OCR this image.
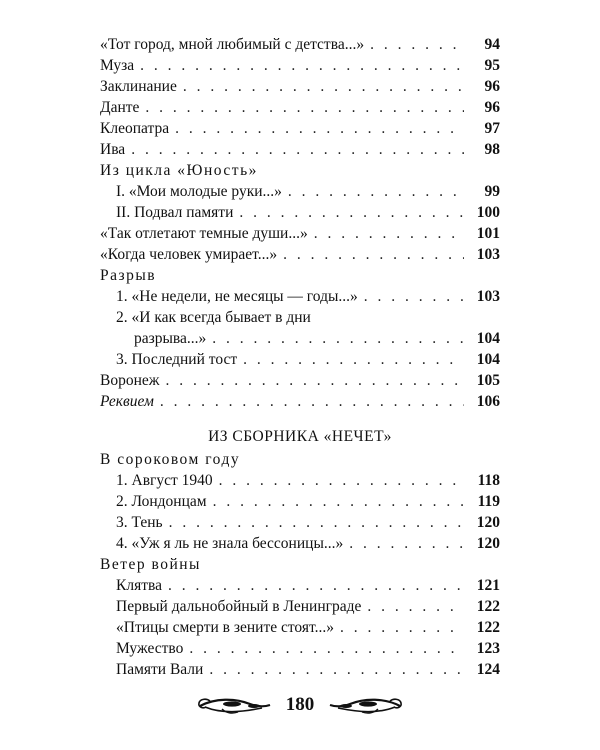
«Тот город, мной любимый с детства...» . . .	94
Муза . . .	95
Заклинание . . .	96
Данте . . .	96
Клеопатра . . .	97
Ива . . .	98
Из цикла «Юность»
I. «Мои молодые руки...» . . .	99
II. Подвал памяти . . .	100
«Так отлетают темные души...» . . .	101
«Когда человек умирает...» . . .	103
Разрыв
1. «Не недели, не месяцы — годы...» . . .	103
2. «И как всегда бывает в дни
разрыва...» . . .	104
3. Последний тост . . .	104
Воронеж . . .	105
Реквием . . .	106
ИЗ СБОРНИКА «НЕЧЕТ»
В сороковом году
1. Август 1940 . . .	118
2. Лондонцам . . .	119
3. Тень . . .	120
4. «Уж я ль не знала бессоницы...» . . .	120
Ветер войны
Клятва . . .	121
Первый дальнобойный в Ленинграде . . .	122
«Птицы смерти в зените стоят...» . . .	122
Мужество . . .	123
Памяти Вали . . .	124
180
